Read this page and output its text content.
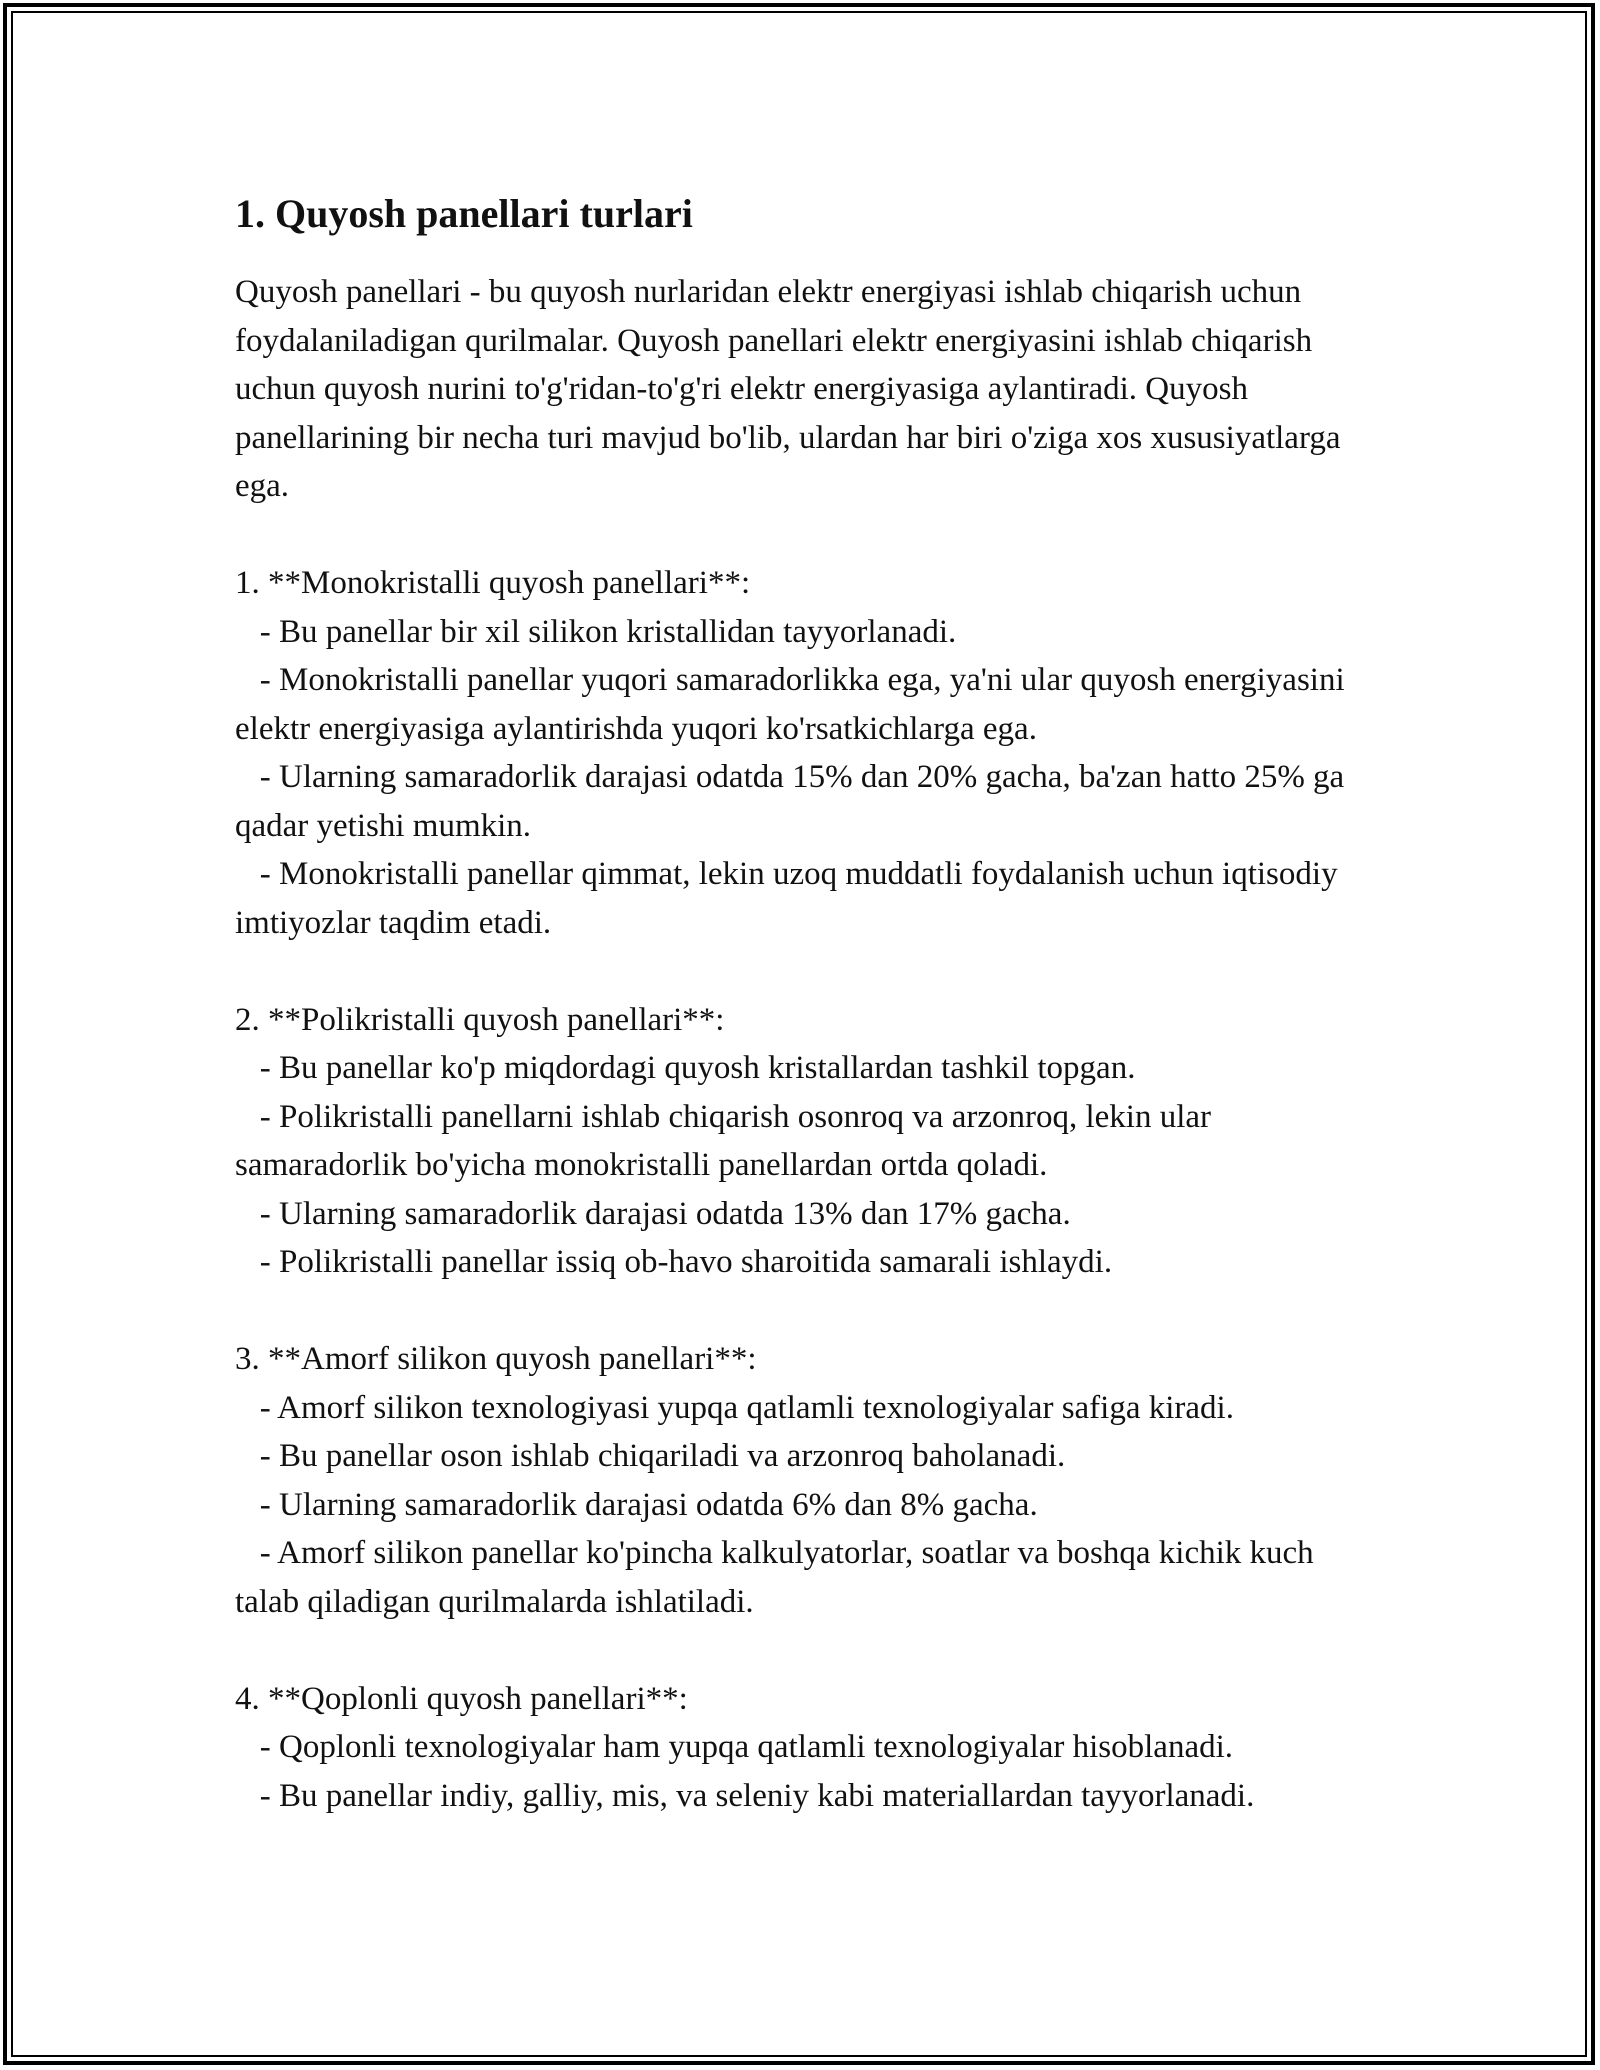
1. Quyosh panellari turlari

Quyosh panellari - bu quyosh nurlaridan elektr energiyasi ishlab chiqarish uchun foydalaniladigan qurilmalar. Quyosh panellari elektr energiyasini ishlab chiqarish uchun quyosh nurini to'g'ridan-to'g'ri elektr energiyasiga aylantiradi. Quyosh panellarining bir necha turi mavjud bo'lib, ulardan har biri o'ziga xos xususiyatlarga ega.

1. **Monokristalli quyosh panellari**:

- Bu panellar bir xil silikon kristallidan tayyorlanadi.

- Monokristalli panellar yuqori samaradorlikka ega, ya'ni ular quyosh energiyasini elektr energiyasiga aylantirishda yuqori ko'rsatkichlarga ega.

- Ularning samaradorlik darajasi odatda 15% dan 20% gacha, ba'zan hatto 25% ga qadar yetishi mumkin.

- Monokristalli panellar qimmat, lekin uzoq muddatli foydalanish uchun iqtisodiy imtiyozlar taqdim etadi.

2. **Polikristalli quyosh panellari**:

- Bu panellar ko'p miqdordagi quyosh kristallardan tashkil topgan.

- Polikristalli panellarni ishlab chiqarish osonroq va arzonroq, lekin ular samaradorlik bo'yicha monokristalli panellardan ortda qoladi.

- Ularning samaradorlik darajasi odatda 13% dan 17% gacha.

- Polikristalli panellar issiq ob-havo sharoitida samarali ishlaydi.

3. **Amorf silikon quyosh panellari**:

- Amorf silikon texnologiyasi yupqa qatlamli texnologiyalar safiga kiradi.

- Bu panellar oson ishlab chiqariladi va arzonroq baholanadi.

- Ularning samaradorlik darajasi odatda 6% dan 8% gacha.

- Amorf silikon panellar ko'pincha kalkulyatorlar, soatlar va boshqa kichik kuch talab qiladigan qurilmalarda ishlatiladi.

4. **Qoplonli quyosh panellari**:

- Qoplonli texnologiyalar ham yupqa qatlamli texnologiyalar hisoblanadi.

- Bu panellar indiy, galliy, mis, va seleniy kabi materiallardan tayyorlanadi.
